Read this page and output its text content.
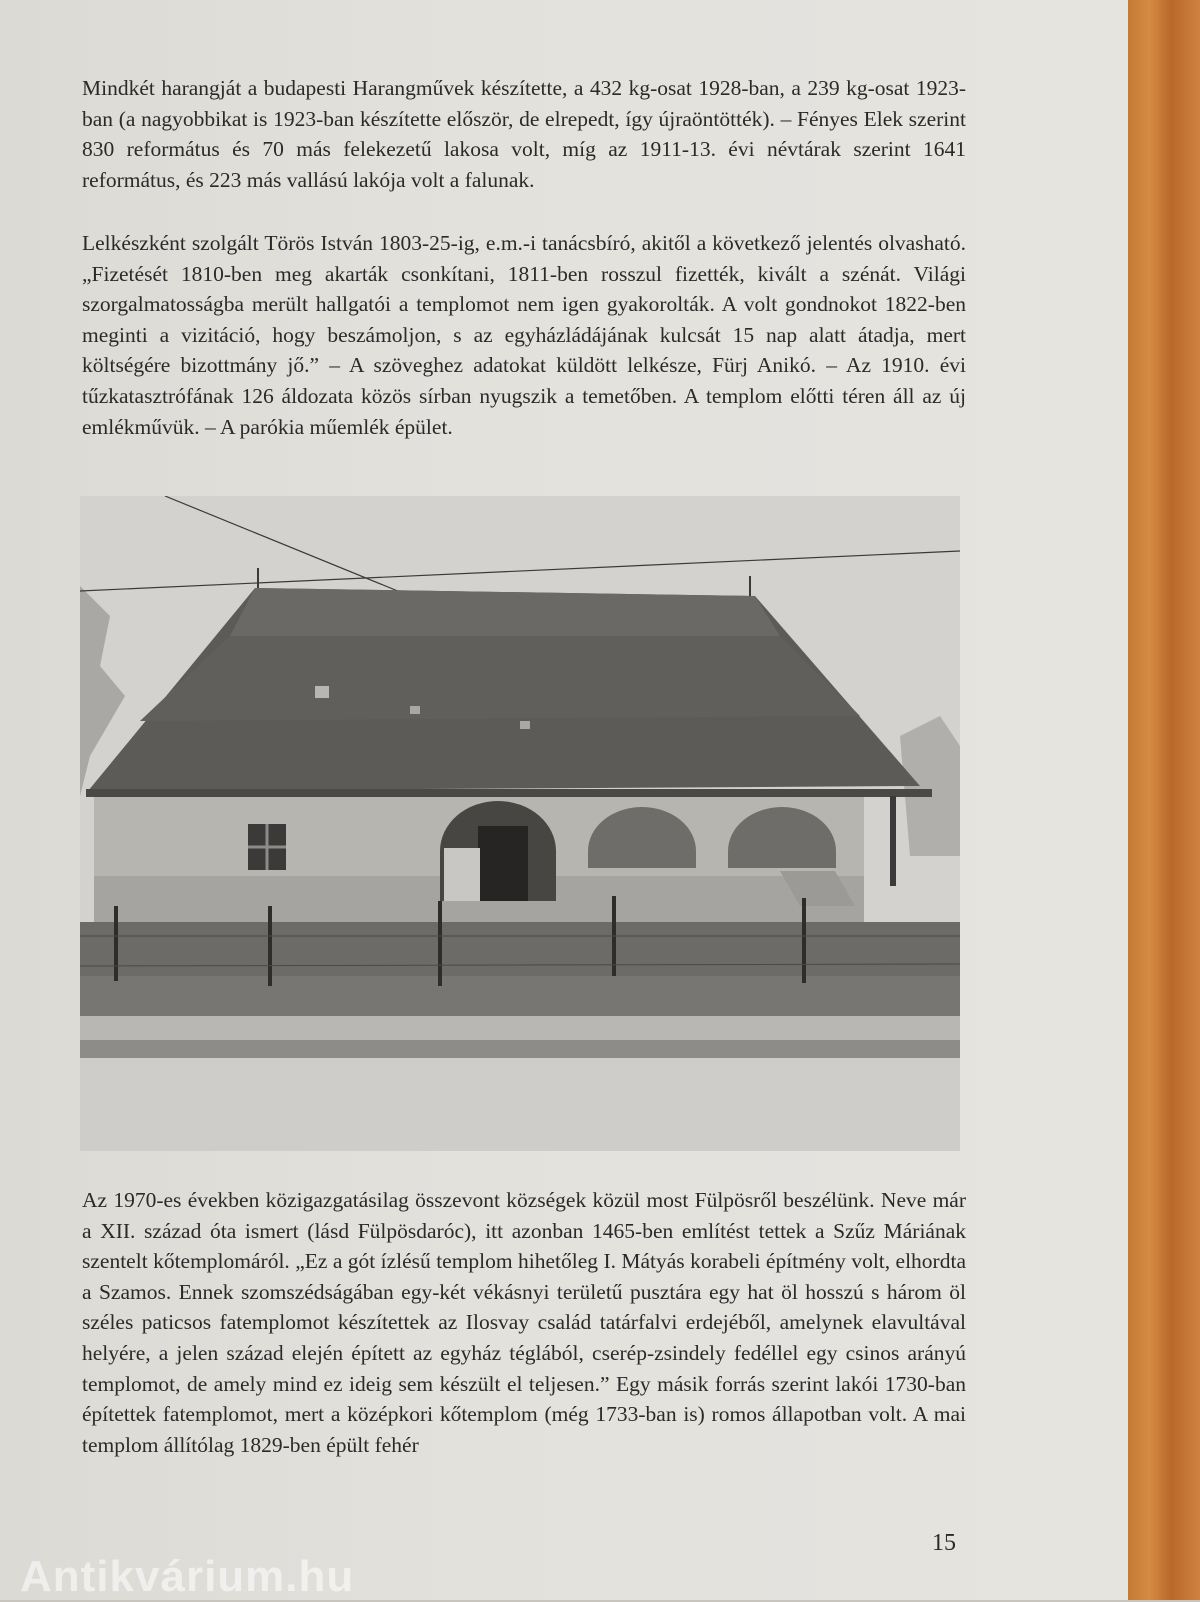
Mindkét harangját a budapesti Harangművek készítette, a 432 kg-osat 1928-ban, a 239 kg-osat 1923-ban (a nagyobbikat is 1923-ban készítette először, de elrepedt, így újraöntötték). – Fényes Elek szerint 830 református és 70 más felekezetű lakosa volt, míg az 1911-13. évi névtárak szerint 1641 református, és 223 más vallású lakója volt a falunak.

Lelkészként szolgált Törös István 1803-25-ig, e.m.-i tanácsbíró, akitől a következő jelentés olvasható. „Fizetését 1810-ben meg akarták csonkítani, 1811-ben rosszul fizették, kivált a szénát. Világi szorgalmatosságba merült hallgatói a templomot nem igen gyakorolták. A volt gondnokot 1822-ben meginti a vizitáció, hogy beszámoljon, s az egyházládájának kulcsát 15 nap alatt átadja, mert költségére bizottmány jő.” – A szöveghez adatokat küldött lelkésze, Fürj Anikó. – Az 1910. évi tűzkatasztrófának 126 áldozata közös sírban nyugszik a temetőben. A templom előtti téren áll az új emlékművük. – A parókia műemlék épület.

Az 1970-es években közigazgatásilag összevont községek közül most Fülpösről beszélünk. Neve már a XII. század óta ismert (lásd Fülpösdaróc), itt azonban 1465-ben említést tettek a Szűz Máriának szentelt kőtemplomáról. „Ez a gót ízlésű templom hihetőleg I. Mátyás korabeli építmény volt, elhordta a Szamos. Ennek szomszédságában egy-két vékásnyi területű pusztára egy hat öl hosszú s három öl széles paticsos fatemplomot készítettek az Ilosvay család tatárfalvi erdejéből, amelynek elavultával helyére, a jelen század elején épített az egyház téglából, cserép-zsindely fedéllel egy csinos arányú templomot, de amely mind ez ideig sem készült el teljesen.” Egy másik forrás szerint lakói 1730-ban építettek fatemplomot, mert a középkori kőtemplom (még 1733-ban is) romos állapotban volt. A mai templom állítólag 1829-ben épült fehér

15
Antikvárium.hu
